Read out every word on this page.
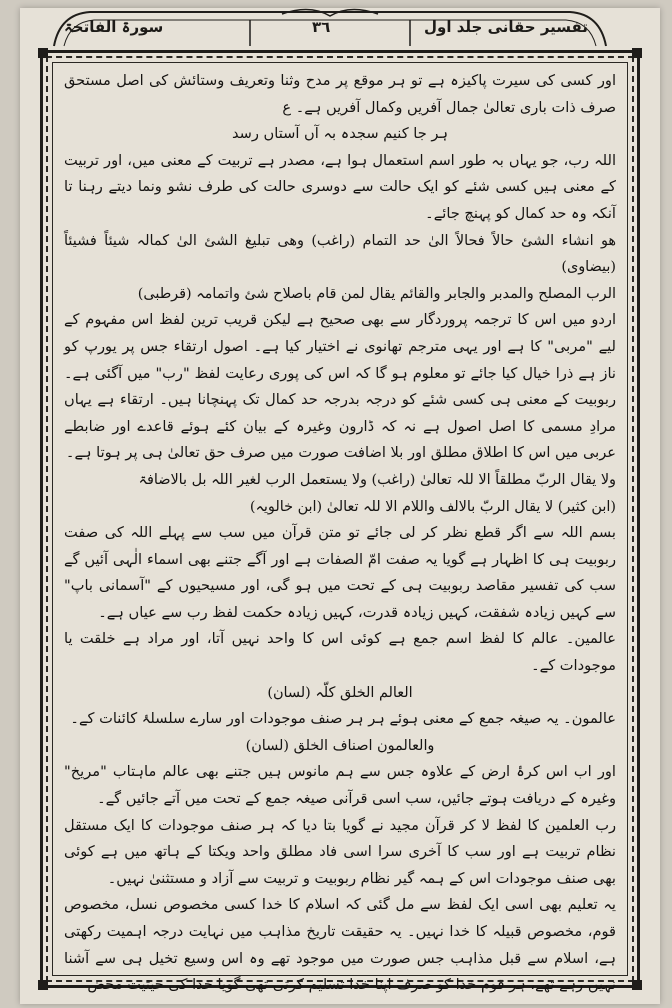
تفسیر حقانی جلد اول
٣٦
سورۃ الفاتحۃ

اور کسی کی سیرت پاکیزہ ہے تو ہر موقع پر مدح وثنا وتعریف وستائش کی اصل مستحق صرف ذات باری تعالیٰ جمال آفریں وکمال آفریں ہے۔ ع

ہر جا کنیم سجدہ بہ آں آستاں رسد

اللہ رب، جو یہاں بہ طور اسم استعمال ہوا ہے، مصدر ہے تربیت کے معنی میں، اور تربیت کے معنی ہیں کسی شئے کو ایک حالت سے دوسری حالت کی طرف نشو ونما دیتے رہنا تا آنکہ وہ حد کمال کو پہنچ جائے۔

ھو انشاء الشئ حالاً فحالاً الیٰ حد التمام (راغب) وھی تبلیغ الشئ الیٰ کمالہ شیئاً فشیئاً (بیضاوی)

الرب المصلح والمدبر والجابر والقائم یقال لمن قام باصلاح شئ واتمامہ (قرطبی)

اردو میں اس کا ترجمہ پروردگار سے بھی صحیح ہے لیکن قریب ترین لفظ اس مفہوم کے لیے "مربی" کا ہے اور یہی مترجم تھانوی نے اختیار کیا ہے۔ اصول ارتقاء جس پر یورپ کو ناز ہے ذرا خیال کیا جائے تو معلوم ہو گا کہ اس کی پوری رعایت لفظ "رب" میں آگئی ہے۔ ربوبیت کے معنی ہی کسی شئے کو درجہ بدرجہ حد کمال تک پہنچانا ہیں۔ ارتقاء ہے یہاں مرادِ مسمی کا اصل اصول ہے نہ کہ ڈارون وغیرہ کے بیان کئے ہوئے قاعدے اور ضابطے عربی میں اس کا اطلاق مطلق اور بلا اضافت صورت میں صرف حق تعالیٰ ہی پر ہوتا ہے۔

ولا یقال الربّ مطلقاً الا للہ تعالیٰ (راغب) ولا یستعمل الرب لغیر اللہ بل بالاضافۃ

(ابن کثیر) لا یقال الربّ بالالف واللام الا للہ تعالیٰ (ابن خالویہ)

بسم اللہ سے اگر قطع نظر کر لی جائے تو متن قرآن میں سب سے پہلے اللہ کی صفت ربوبیت ہی کا اظہار ہے گویا یہ صفت امّ الصفات ہے اور آگے جتنے بھی اسماء الٰہی آئیں گے سب کی تفسیر مقاصد ربوبیت ہی کے تحت میں ہو گی، اور مسیحیوں کے "آسمانی باپ" سے کہیں زیادہ شفقت، کہیں زیادہ قدرت، کہیں زیادہ حکمت لفظ رب سے عیاں ہے۔

عالمین۔ عالم کا لفظ اسم جمع ہے کوئی اس کا واحد نہیں آتا، اور مراد ہے خلقت یا موجودات کے۔

العالم الخلق کلّہ (لسان)

عالمون۔ یہ صیغہ جمع کے معنی ہوئے ہر ہر صنف موجودات اور سارے سلسلۂ کائنات کے۔

والعالمون اصناف الخلق (لسان)

اور اب اس کرۂ ارض کے علاوہ جس سے ہم مانوس ہیں جتنے بھی عالم ماہتاب "مریخ" وغیرہ کے دریافت ہوتے جائیں، سب اسی قرآنی صیغہ جمع کے تحت میں آتے جائیں گے۔

رب العلمین کا لفظ لا کر قرآن مجید نے گویا بتا دیا کہ ہر صنف موجودات کا ایک مستقل نظام تربیت ہے اور سب کا آخری سرا اسی فاد مطلق واحد ویکتا کے ہاتھ میں ہے کوئی بھی صنف موجودات اس کے ہمہ گیر نظام ربوبیت و تربیت سے آزاد و مستثنیٰ نہیں۔

یہ تعلیم بھی اسی ایک لفظ سے مل گئی کہ اسلام کا خدا کسی مخصوص نسل، مخصوص قوم، مخصوص قبیلہ کا خدا نہیں۔ یہ حقیقت تاریخ مذاہب میں نہایت درجہ اہمیت رکھتی ہے، اسلام سے قبل مذاہب جس صورت میں موجود تھے وہ اس وسیع تخیل ہی سے آشنا نہیں رہے تھے، ہر قوم خدا کو صرف اپنا خدا تسلیم کرتی تھی گویا خدا کی حیثیت محض
